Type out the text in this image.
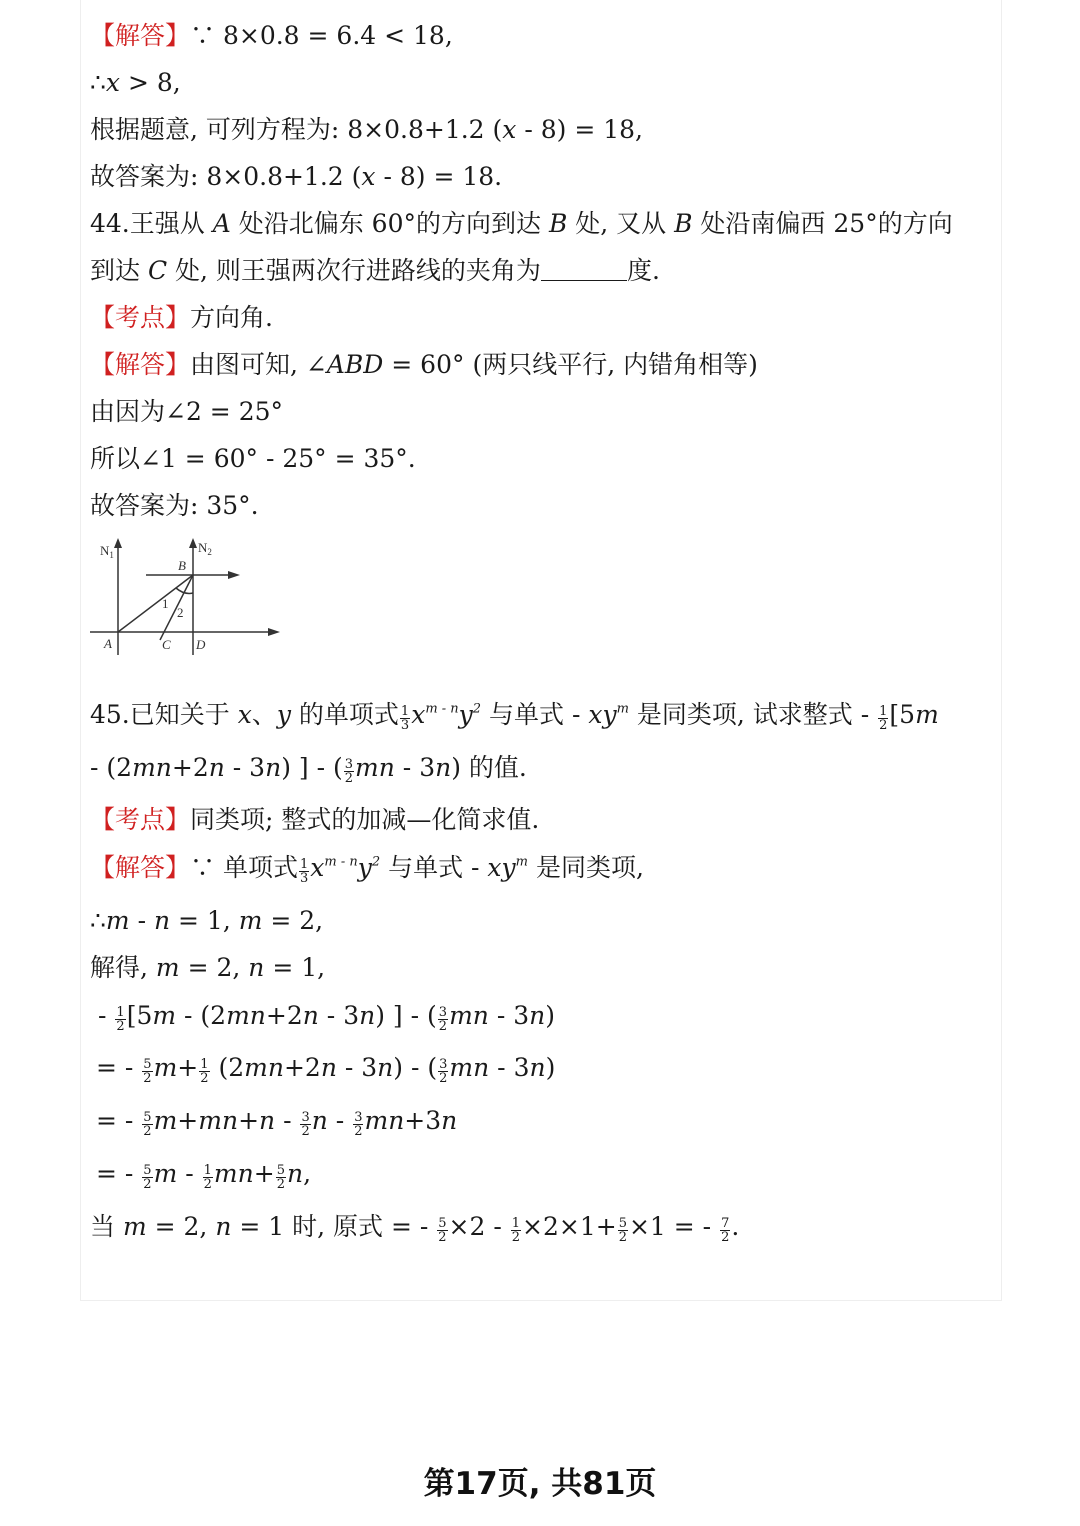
【解答】∵ 8×0.8 = 6.4 < 18,
∴x > 8,
根据题意, 可列方程为: 8×0.8+1.2 (x - 8) = 18,
故答案为: 8×0.8+1.2 (x - 8) = 18.
44.王强从 A 处沿北偏东 60°的方向到达 B 处, 又从 B 处沿南偏西 25°的方向
到达 C 处, 则王强两次行进路线的夹角为	度.
【考点】方向角.
【解答】由图可知, ∠ABD = 60° (两只线平行, 内错角相等)
由因为∠2 = 25°
所以∠1 = 60° - 25° = 35°.
故答案为: 35°.
$N_1$	$N_2$
B
A	C D
1
2
45.已知关于 x、y 的单项式 $\frac{1}{3} x^{m - n}y^2$ 与单式 - $xy^m$ 是同类项, 试求整式 - $\frac{1}{2} [5m$
- (2mn+2n - 3n) ] - ( $\frac{3}{2}$ mn - 3n) 的值.
【考点】同类项; 整式的加减—化简求值.
【解答】∵ 单项式 $\frac{1}{3} x^{m - n}y^2$ 与单式 - $xy^m$ 是同类项,
∴m - n = 1, m = 2,
解得, m = 2, n = 1,
- $\frac{1}{2} [5m - (2mn+2n - 3n)$ ] - ( $\frac{3}{2}$ mn - 3n)
= - $\frac{5}{2} m+ \frac{1}{2} (2mn+2n - 3n)$ - ( $\frac{3}{2}$ mn - 3n)
= - $\frac{5}{2} m+mn+n - \frac{3}{2}$ $n - \frac{3}{2} mn+3n$
= - $\frac{5}{2}$ $m - \frac{1}{2} mn+ \frac{5}{2} n$,
当 m = 2, n = 1 时, 原式 = - $\frac{5}{2} \times 2 - \frac{1}{2} \times 2\times 1+ \frac{5}{2} \times 1$ = - $\frac{7}{2}$ .
第17页, 共81页
